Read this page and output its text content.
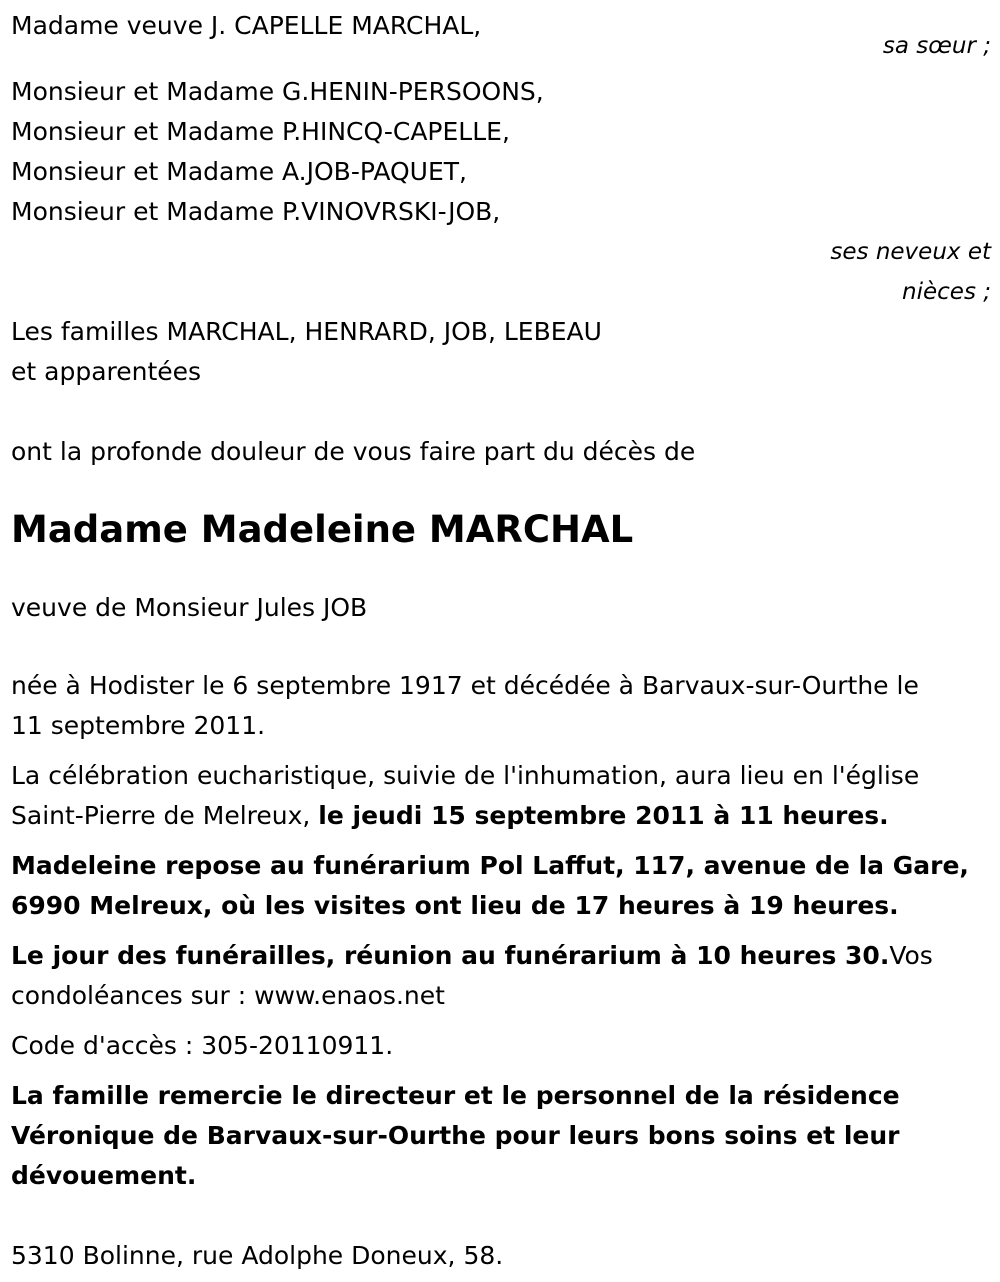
Madame veuve J. CAPELLE MARCHAL,
sa sœur ;
Monsieur et Madame G.HENIN-PERSOONS,
Monsieur et Madame P.HINCQ-CAPELLE,
Monsieur et Madame A.JOB-PAQUET,
Monsieur et Madame P.VINOVRSKI-JOB,
ses neveux et
nièces ;
Les familles MARCHAL, HENRARD, JOB, LEBEAU
et apparentées
ont la profonde douleur de vous faire part du décès de
Madame Madeleine MARCHAL
veuve de Monsieur Jules JOB
née à Hodister le 6 septembre 1917 et décédée à Barvaux-sur-Ourthe le
11 septembre 2011.
La célébration eucharistique, suivie de l'inhumation, aura lieu en l'église
Saint-Pierre de Melreux, le jeudi 15 septembre 2011 à 11 heures.
Madeleine repose au funérarium Pol Laffut, 117, avenue de la Gare,
6990 Melreux, où les visites ont lieu de 17 heures à 19 heures.
Le jour des funérailles, réunion au funérarium à 10 heures 30.Vos
condoléances sur : www.enaos.net
Code d'accès : 305-20110911.
La famille remercie le directeur et le personnel de la résidence
Véronique de Barvaux-sur-Ourthe pour leurs bons soins et leur
dévouement.
5310 Bolinne, rue Adolphe Doneux, 58.
